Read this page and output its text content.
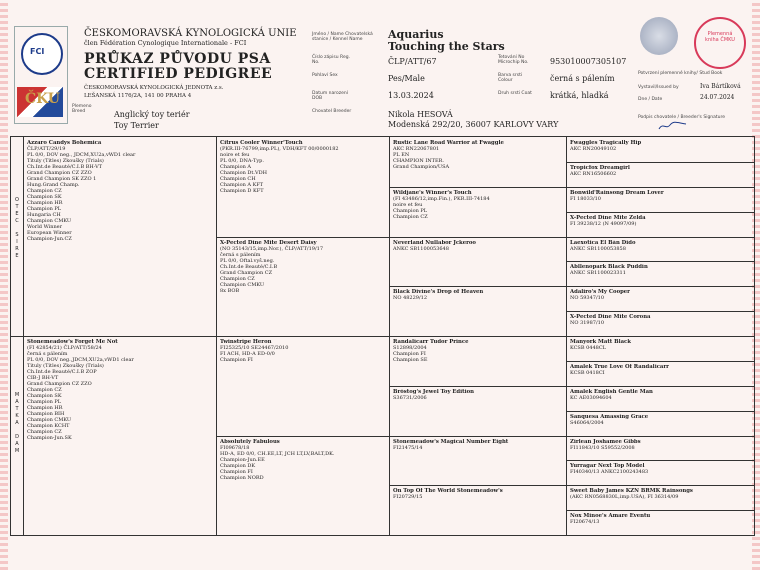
FCI
ČKU
ČESKOMORAVSKÁ KYNOLOGICKÁ UNIE
člen Fédération Cynologique Internationale - FCI
PRŮKAZ PŮVODU PSA
CERTIFIED PEDIGREE
ČESKOMORAVSKÁ KYNOLOGICKÁ JEDNOTA z.s.
LEŠANSKÁ 1176/2A, 141 00 PRAHA 4
Plemeno Breed	Anglický toy teriér
Toy Terrier
Jméno / Name Chovatelská stanice / Kennel Name	Aquarius
Touching the Stars
Číslo zápisu Reg. No.	ČLP/ATT/67	Tetování No Microchip No.	953010007305107
Pohlaví Sex	Pes/Male	Barva srsti Colour	černá s pálením
Datum narození DOB	13.03.2024	Druh srsti Coat	krátká, hladká
Chovatel Breeder	Nikola HESOVÁ
Modenská 292/20, 36007 KARLOVY VARY
Plemenná kniha ČMKU
Potvrzení plemenné knihy/ Stud Book
Vystavil/Issued by	Iva Bártíková
Dne / Date	24.07.2024
Podpis chovatele / Breeder's Signature
O
T
E
C

S
I
R
E
M
A
T
K
A

D
A
M
Azzaro Candys Bohemica
ČLP/ATT/29/19
PL 0/0, DOV neg., JDCM,XU2a,vWD1 clear
Tituly (Titles) Zkoušky (Trials)
Ch.Int.de Beauté/C.I.B BH-VT
Grand Champion CZ ZZO
Grand Champion SK ZZO 1
Hung.Grand Champ.
Champion CZ
Champion SK
Champion HR
Champion PL
Hungaria CH
Champion CMKU
World Winner
European Winner
Champion-Jun.CZ
Stonemeadow's Forget Me Not
(FI 42854/21) ČLP/ATT/58/24
černá s pálením
PL 0/0, DOV neg.,JDCM,XU2a,vWD1 clear
Tituly (Titles) Zkoušky (Trials)
Ch.Int.de Beauté/C.I.B ZOP
CIB-J BH-VT
Grand Champion CZ ZZO
Champion CZ
Champion SK
Champion PL
Champion HR
Champion BIH
Champion CMKU
Champion KCHT
Champion CZ
Champion-Jun.SK
Citrus Cooler Winner'Touch
(PKR.III-76799,imp.PL), VDH/KFT 00/0000182
noire et feu
PL 0/0, DNA-Typ.
Champion A
Champion Dt.VDH
Champion CH
Champion A KFT
Champion D KFT
X-Pected Dine Mite Desert Daisy
(NO 35143/15,imp.Nor.), ČLP/ATT/19/17
černá s pálením
PL 0/0, Oftal.vyš.neg.
Ch.Int.de Beauté/C.I.B
Grand Champion CZ
Champion CZ
Champion CMKU
8x BOB
Twinstripe Heron
FI25325/10 SE24467/2010
FI ACH, HD-A ED-0/0
Champion FI
Absolutely Fabulous
FI09678/18
HD-A, ED 0/0, CH.EE,LT, JCH LT,LV,BALT,DK.
Champion-Jun.EE
Champion DK
Champion FI
Champion NORD
Rustic Lane Road Warrior at Fwaggle
AKC RN22067801
PL EN
CHAMPION INTER.
Grand Champion/USA
Wildjane's Winner's Touch
(FI 43486/12,imp.Fin.), PKR.III-74184
noire et feu
Champion PL
Champion CZ
Neverland Nullabor Jckeroo
ANKC SB1100053648
Black Divine's Drop of Heaven
NO 48229/12
Randalicarr Tudor Prince
S12898/2004
Champion FI
Champion SE
Bröstog's Jewel Toy Edition
S36731/2006
Stonemeadow's Magical Number Eight
FI21475/14
On Top Of The World Stonemeadow's
FI20729/15
Fwaggles Tragically Hip
AKC RN20049102
Tropicfox Dreamgirl
AKC RN16506602
Bonwild'Rainsong Dream Lover
FI 18033/10
X-Pected Dine Mite Zelda
FI 39238/12 (N 49097/09)
Laexotica El Bán Dido
ANKC SB1100053858
Abllenopark Black Puddin
ANKC SB1100023311
Adaliro's My Cooper
NO 59347/10
X-Pected Dine Mite Corona
NO 31987/10
Manyork Matt Black
KCSB 0448CL
Amalek True Love Of Randalicarr
KCSB 0418CI
Amalek English Gentle Man
KC AE03094604
Sanquesa Amassing Grace
S46064/2004
Zirlean Joshamee Gibbs
FI11843/10 S59552/2008
Yurragar Next Top Model
FI40340/13 ANKC2100243483
Sweet Baby James KZN BRMK Rainsongs
(AKC RN0568830L,imp.USA), FI 36314/09
Nox Minoe's Amare Eventu
FI20674/13
